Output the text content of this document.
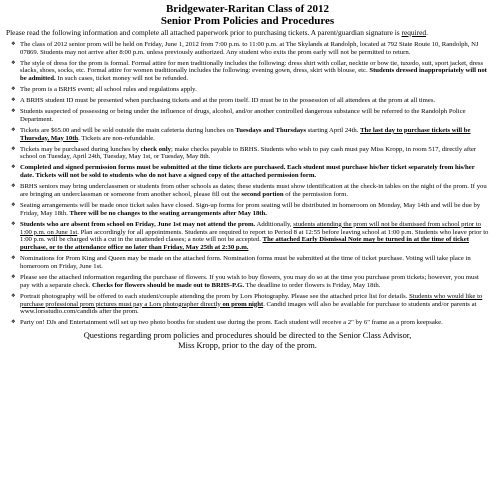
Bridgewater-Raritan Class of 2012
Senior Prom Policies and Procedures
Please read the following information and complete all attached paperwork prior to purchasing tickets. A parent/guardian signature is required.
❖ The class of 2012 senior prom will be held on Friday, June 1, 2012 from 7:00 p.m. to 11:00 p.m. at The Skylands at Randolph, located at 792 State Route 10, Randolph, NJ 07869. Students may not arrive after 8:00 p.m. unless previously authorized. Any student who exits the prom early will not be permitted to return.
❖ The style of dress for the prom is formal. Formal attire for men traditionally includes the following: dress shirt with collar, necktie or bow tie, tuxedo, suit, sport jacket, dress slacks, shoes, socks, etc. Formal attire for women traditionally includes the following: evening gown, dress, skirt with blouse, etc. Students dressed inappropriately will not be admitted. In such cases, ticket money will not be refunded.
❖ The prom is a BRHS event; all school rules and regulations apply.
❖ A BRHS student ID must be presented when purchasing tickets and at the prom itself. ID must be in the possession of all attendees at the prom at all times.
❖ Students suspected of possessing or being under the influence of drugs, alcohol, and/or another controlled dangerous substance will be referred to the Randolph Police Department.
❖ Tickets are $65.00 and will be sold outside the main cafeteria during lunches on Tuesdays and Thursdays starting April 24th. The last day to purchase tickets will be Thursday, May 10th. Tickets are non-refundable.
❖ Tickets may be purchased during lunches by check only; make checks payable to BRHS. Students who wish to pay cash must pay Miss Kropp, in room 517, directly after school on Tuesday, April 24th, Tuesday, May 1st, or Tuesday, May 8th.
❖ Completed and signed permission forms must be submitted at the time tickets are purchased. Each student must purchase his/her ticket separately from his/her date. Tickets will not be sold to students who do not have a signed copy of the attached permission form.
❖ BRHS seniors may bring underclassmen or students from other schools as dates; these students must show identification at the check-in tables on the night of the prom. If you are bringing an underclassman or someone from another school, please fill out the second portion of the permission form.
❖ Seating arrangements will be made once ticket sales have closed. Sign-up forms for prom seating will be distributed in homeroom on Monday, May 14th and will be due by Friday, May 18th. There will be no changes to the seating arrangements after May 18th.
❖ Students who are absent from school on Friday, June 1st may not attend the prom. Additionally, students attending the prom will not be dismissed from school prior to 1:00 p.m. on June 1st. Plan accordingly for all appointments. Students are required to report to Period 8 at 12:55 before leaving school at 1:00 p.m. Students who leave prior to 1:00 p.m. will be charged with a cut in the unattended classes; a note will not be accepted. The attached Early Dismissal Note may be turned in at the time of ticket purchase, or to the attendance office no later than Friday, May 25th at 2:30 p.m.
❖ Nominations for Prom King and Queen may be made on the attached form. Nomination forms must be submitted at the time of ticket purchase. Voting will take place in homeroom on Friday, June 1st.
❖ Please see the attached information regarding the purchase of flowers. If you wish to buy flowers, you may do so at the time you purchase prom tickets; however, you must pay with a separate check. Checks for flowers should be made out to BRHS-P.G. The deadline to order flowers is Friday, May 18th.
❖ Portrait photography will be offered to each student/couple attending the prom by Lors Photography. Please see the attached price list for details. Students who would like to purchase professional prom pictures must pay a Lors photographer directly on prom night. Candid images will also be available for purchase to students and/or parents at www.lorsstudio.com/candids after the prom.
❖ Party on! DJs and Entertainment will set up two photo booths for student use during the prom. Each student will receive a 2" by 6" frame as a prom keepsake.
Questions regarding prom policies and procedures should be directed to the Senior Class Advisor,
Miss Kropp, prior to the day of the prom.
